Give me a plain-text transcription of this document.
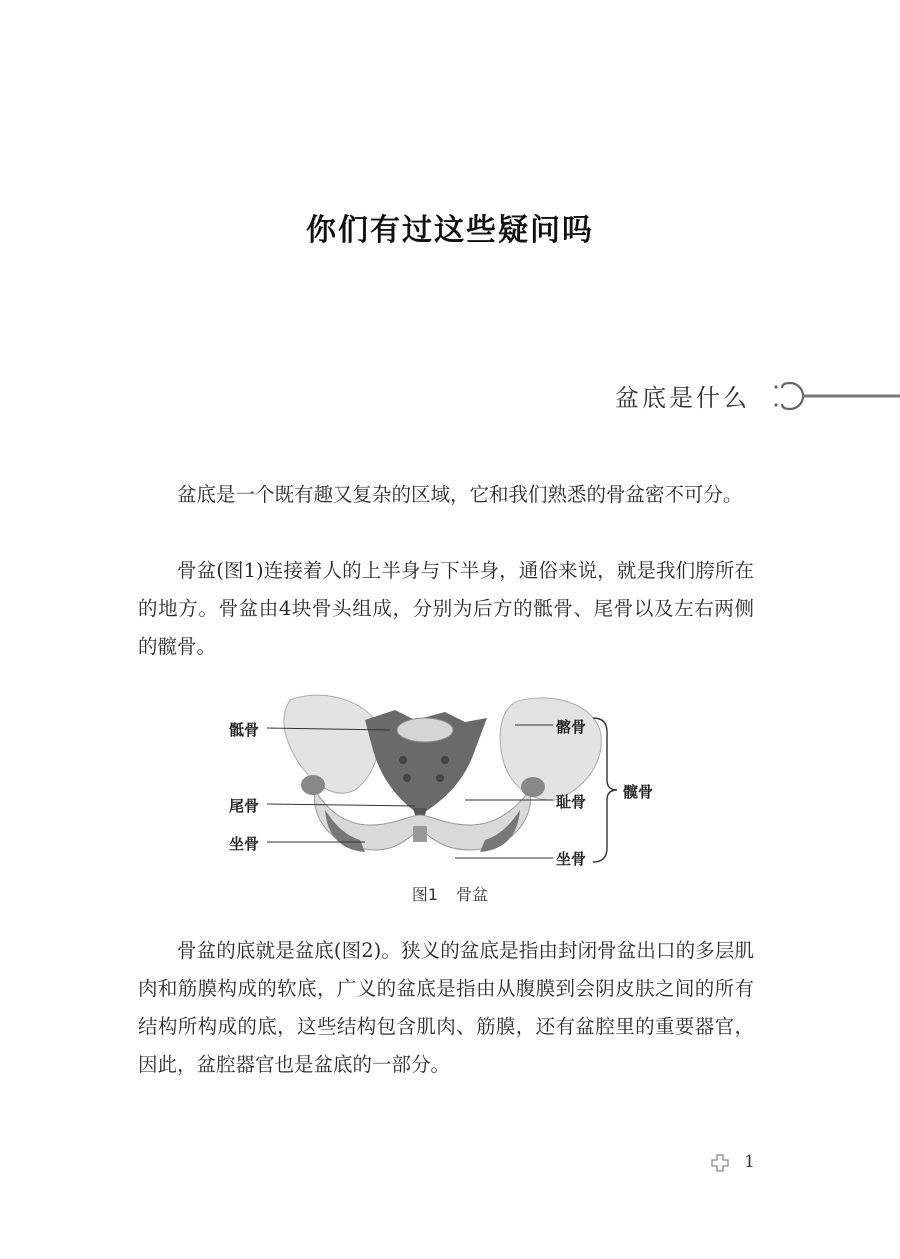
你们有过这些疑问吗
盆底是什么

盆底是一个既有趣又复杂的区域，它和我们熟悉的骨盆密不可分。

骨盆(图1)连接着人的上半身与下半身，通俗来说，就是我们胯所在的地方。骨盆由4块骨头组成，分别为后方的骶骨、尾骨以及左右两侧的髋骨。

骶骨
尾骨
坐骨
髂骨
耻骨
坐骨
髋骨
图1 骨盆

骨盆的底就是盆底(图2)。狭义的盆底是指由封闭骨盆出口的多层肌肉和筋膜构成的软底，广义的盆底是指由从腹膜到会阴皮肤之间的所有结构所构成的底，这些结构包含肌肉、筋膜，还有盆腔里的重要器官，因此，盆腔器官也是盆底的一部分。

1
